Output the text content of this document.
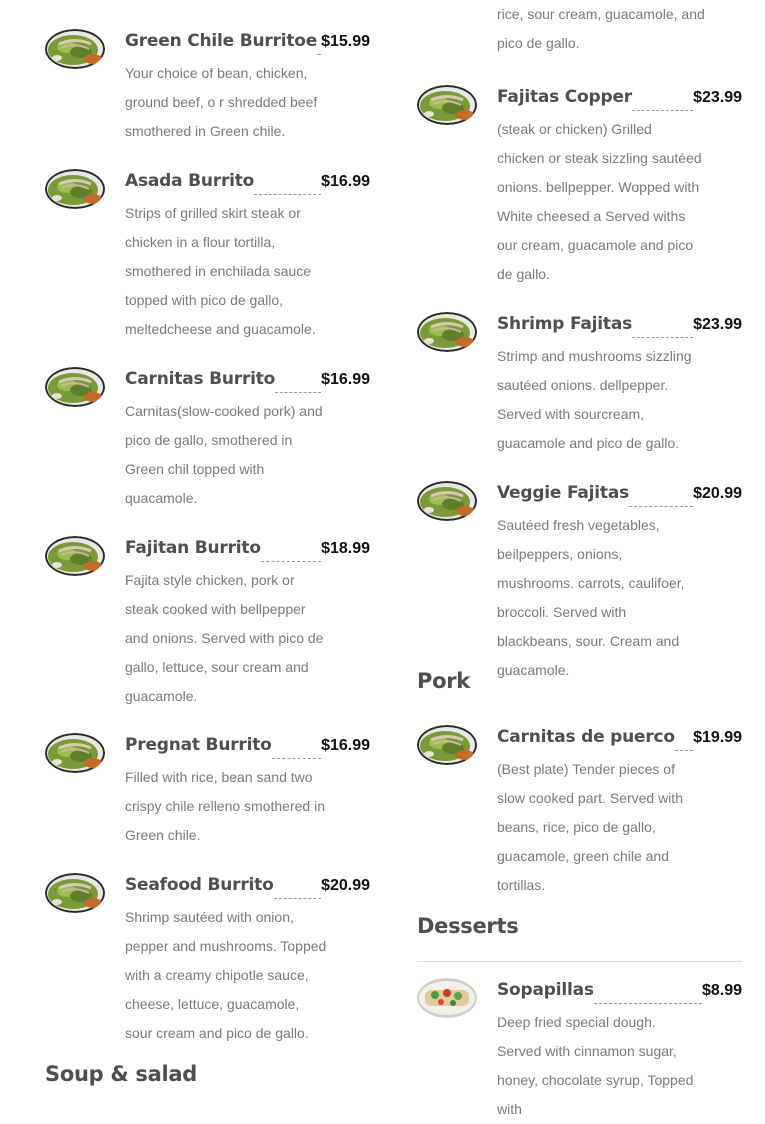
Green Chile Burritoe $15.99
Your choice of bean, chicken, ground beef, o r shredded beef smothered in Green chile.
Asada Burrito	$16.99
Strips of grilled skirt steak or chicken in a flour tortilla, smothered in enchilada sauce topped with pico de gallo, meltedcheese and guacamole.
Carnitas Burrito	$16.99
Carnitas(slow-cooked pork) and pico de gallo, smothered in Green chil topped with quacamole.
Fajitan Burrito	$18.99
Fajita style chicken, pork or steak cooked with bellpepper and onions. Served with pico de gallo, lettuce, sour cream and guacamole.
Pregnat Burrito	$16.99
Filled with rice, bean sand two crispy chile relleno smothered in Green chile.
Seafood Burrito	$20.99
Shrimp sautéed with onion, pepper and mushrooms. Topped with a creamy chipotle sauce, cheese, lettuce, guacamole, sour cream and pico de gallo.
Soup & salad
rice, sour cream, guacamole, and pico de gallo.
Fajitas Copper	$23.99
(steak or chicken) Grilled chicken or steak sizzling sautéed onions. bellpepper. Wopped with White cheesed a Served withs our cream, guacamole and pico de gallo.
Shrimp Fajitas	$23.99
Strimp and mushrooms sizzling sautéed onions. dellpepper. Served with sourcream, guacamole and pico de gallo.
Veggie Fajitas	$20.99
Sautéed fresh vegetables, beilpeppers, onions, mushrooms. carrots, caulifoer, broccoli. Served with blackbeans, sour. Cream and guacamole.
Pork
Carnitas de puerco $19.99
(Best plate) Tender pieces of slow cooked part. Served with beans, rice, pico de gallo, guacamole, green chile and tortillas.
Desserts
Sopapillas	$8.99
Deep fried special dough. Served with cinnamon sugar, honey, chocolate syrup, Topped with
